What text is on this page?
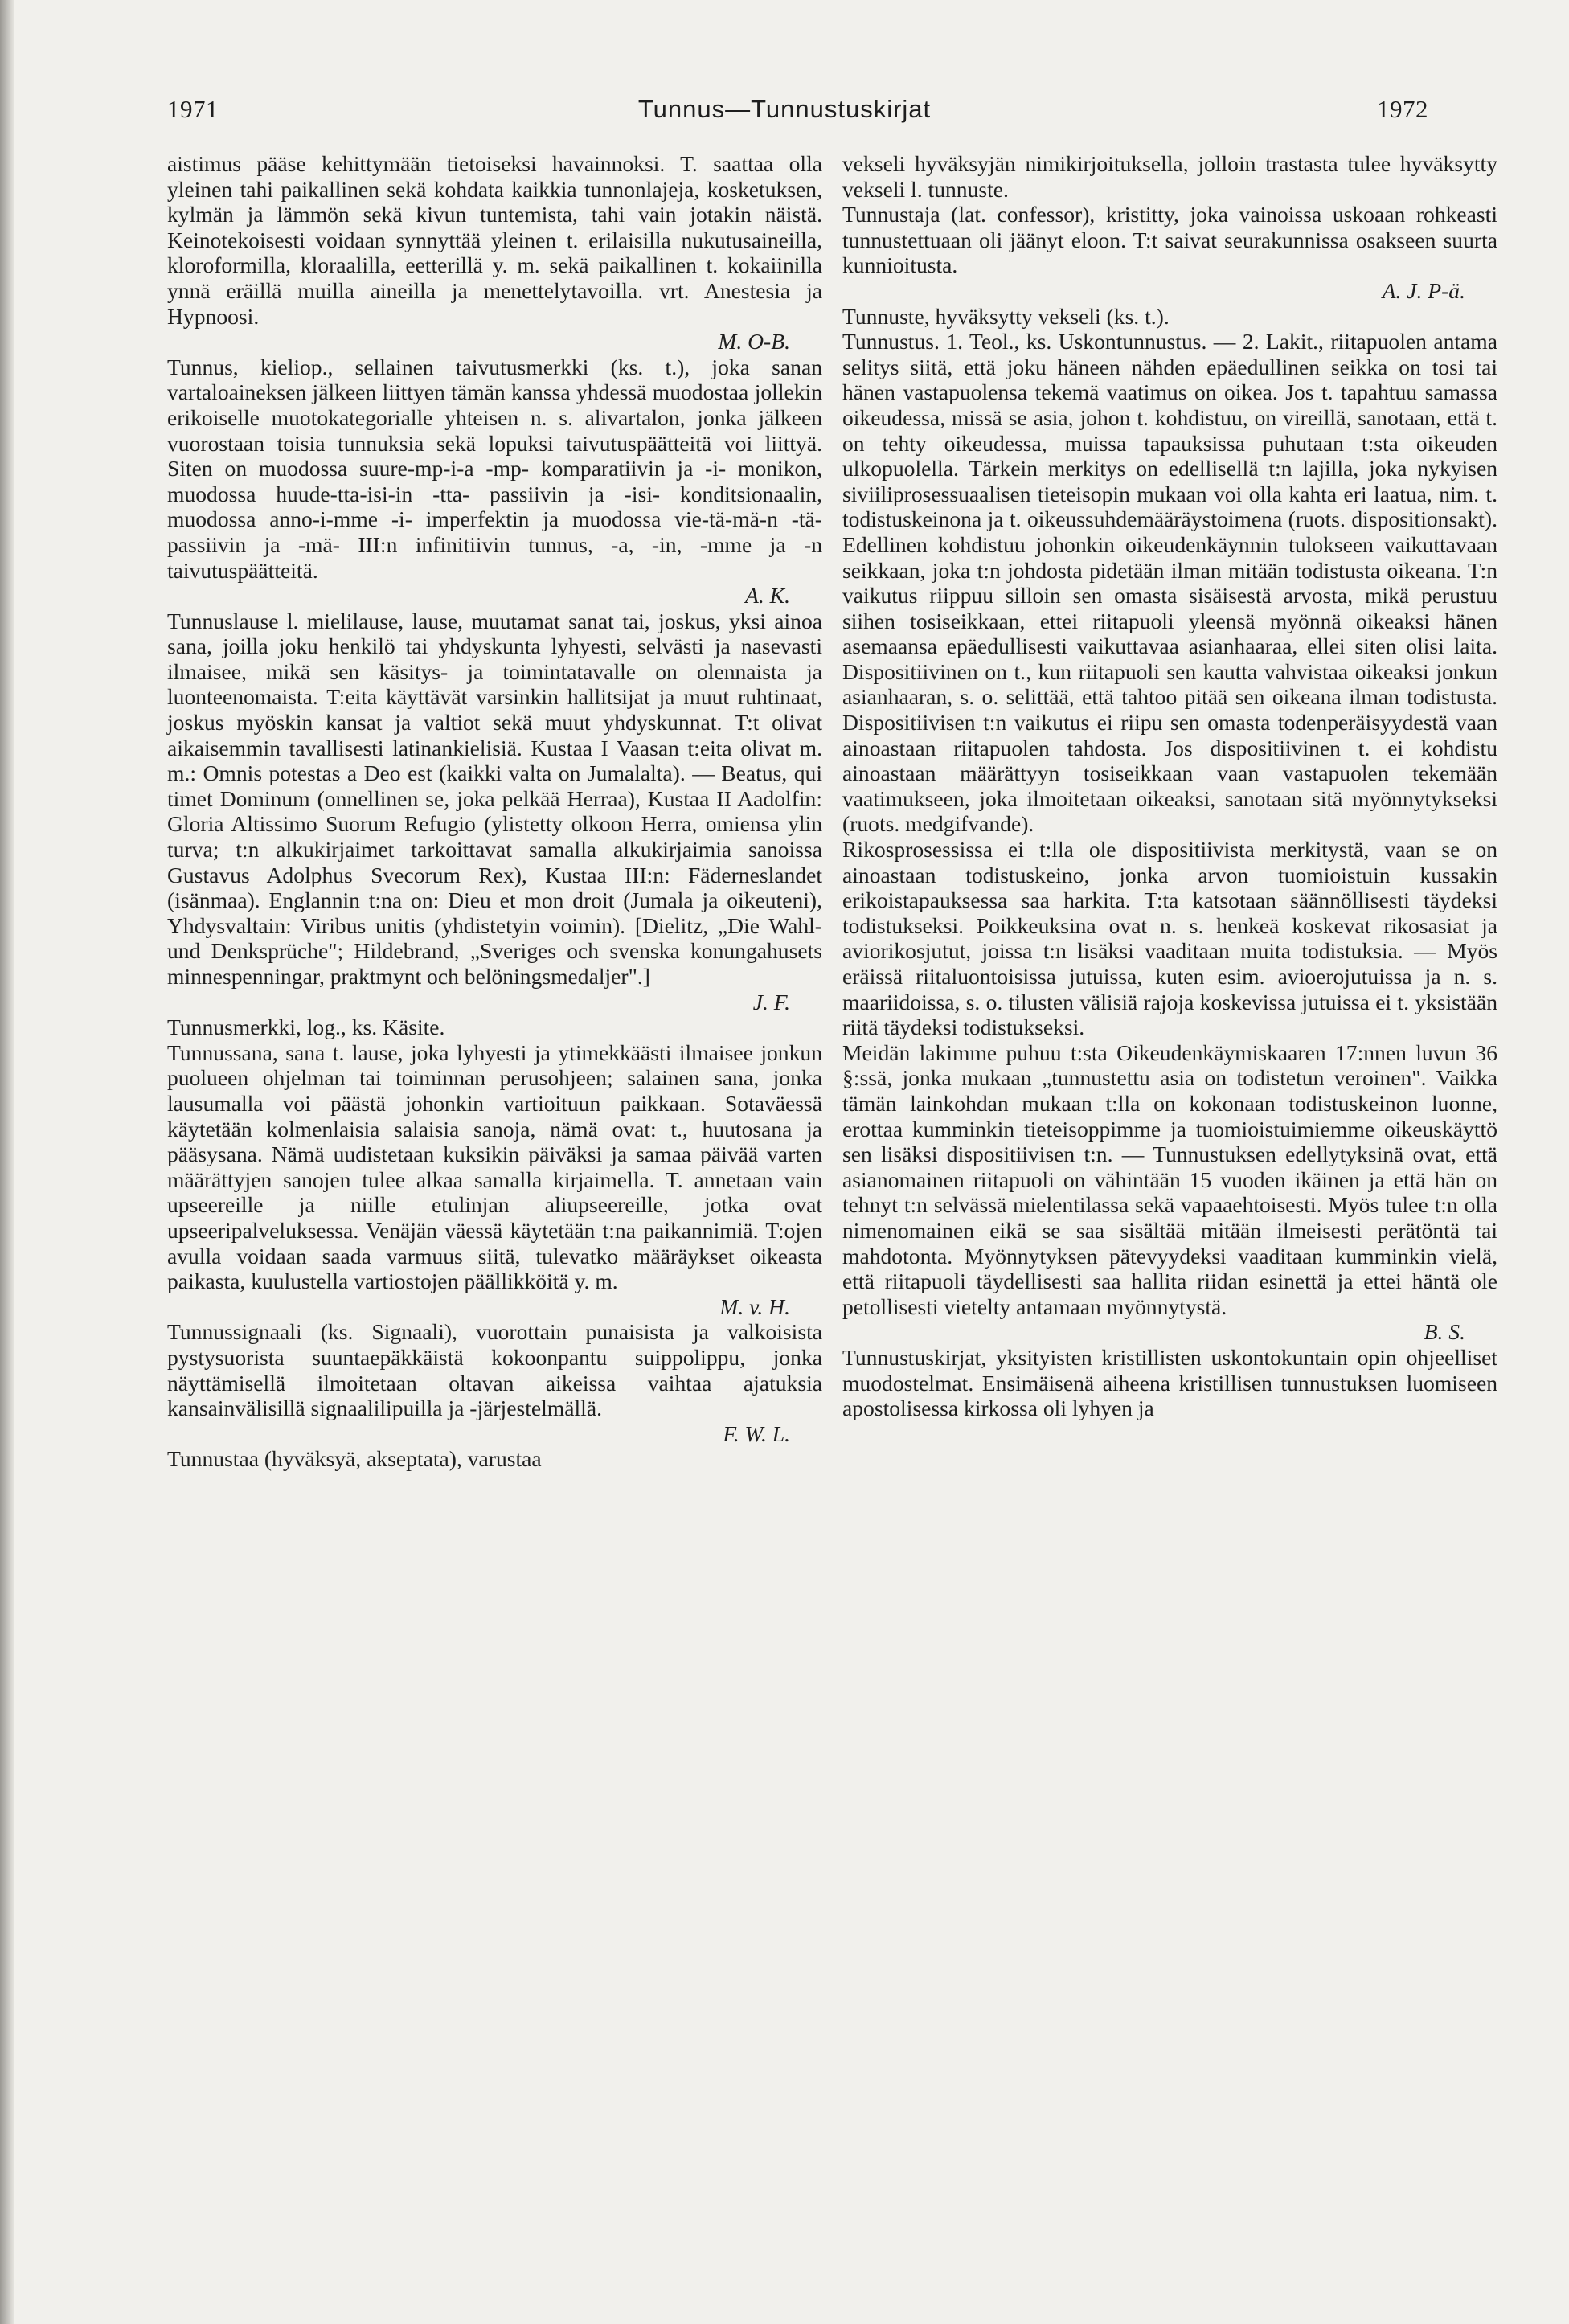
1971	Tunnus—Tunnustuskirjat	1972

aistimus pääse kehittymään tietoiseksi havainnoksi. T. saattaa olla yleinen tahi paikallinen sekä kohdata kaikkia tunnonlajeja, kosketuksen, kylmän ja lämmön sekä kivun tuntemista, tahi vain jotakin näistä. Keinotekoisesti voidaan synnyttää yleinen t. erilaisilla nukutusaineilla, kloroformilla, kloraalilla, eetterillä y. m. sekä paikallinen t. kokaiinilla ynnä eräillä muilla aineilla ja menettelytavoilla. vrt. Anestesia ja Hypnoosi.

M. O-B.

Tunnus, kieliop., sellainen taivutusmerkki (ks. t.), joka sanan vartaloaineksen jälkeen liittyen tämän kanssa yhdessä muodostaa jollekin erikoiselle muotokategorialle yhteisen n. s. alivartalon, jonka jälkeen vuorostaan toisia tunnuksia sekä lopuksi taivutuspäätteitä voi liittyä. Siten on muodossa suure-mp-i-a -mp- komparatiivin ja -i- monikon, muodossa huude-tta-isi-in -tta- passiivin ja -isi- konditsionaalin, muodossa anno-i-mme -i- imperfektin ja muodossa vie-tä-mä-n -tä- passiivin ja -mä- III:n infinitiivin tunnus, -a, -in, -mme ja -n taivutuspäätteitä.

A. K.

Tunnuslause l. mielilause, lause, muutamat sanat tai, joskus, yksi ainoa sana, joilla joku henkilö tai yhdyskunta lyhyesti, selvästi ja nasevasti ilmaisee, mikä sen käsitys- ja toimintatavalle on olennaista ja luonteenomaista. T:eita käyttävät varsinkin hallitsijat ja muut ruhtinaat, joskus myöskin kansat ja valtiot sekä muut yhdyskunnat. T:t olivat aikaisemmin tavallisesti latinankielisiä. Kustaa I Vaasan t:eita olivat m. m.: Omnis potestas a Deo est (kaikki valta on Jumalalta). — Beatus, qui timet Dominum (onnellinen se, joka pelkää Herraa), Kustaa II Aadolfin: Gloria Altissimo Suorum Refugio (ylistetty olkoon Herra, omiensa ylin turva; t:n alkukirjaimet tarkoittavat samalla alkukirjaimia sanoissa Gustavus Adolphus Svecorum Rex), Kustaa III:n: Fäderneslandet (isänmaa). Englannin t:na on: Dieu et mon droit (Jumala ja oikeuteni), Yhdysvaltain: Viribus unitis (yhdistetyin voimin). [Dielitz, „Die Wahl- und Denksprüche"; Hildebrand, „Sveriges och svenska konungahusets minnespenningar, praktmynt och belöningsmedaljer".]

J. F.

Tunnusmerkki, log., ks. Käsite.

Tunnussana, sana t. lause, joka lyhyesti ja ytimekkäästi ilmaisee jonkun puolueen ohjelman tai toiminnan perusohjeen; salainen sana, jonka lausumalla voi päästä johonkin vartioituun paikkaan. Sotaväessä käytetään kolmenlaisia salaisia sanoja, nämä ovat: t., huutosana ja pääsysana. Nämä uudistetaan kuksikin päiväksi ja samaa päivää varten määrättyjen sanojen tulee alkaa samalla kirjaimella. T. annetaan vain upseereille ja niille etulinjan aliupseereille, jotka ovat upseeripalveluksessa. Venäjän väessä käytetään t:na paikannimiä. T:ojen avulla voidaan saada varmuus siitä, tulevatko määräykset oikeasta paikasta, kuulustella vartiostojen päällikköitä y. m.

M. v. H.

Tunnussignaali (ks. Signaali), vuorottain punaisista ja valkoisista pystysuorista suuntaepäkkäistä kokoonpantu suippolippu, jonka näyttämisellä ilmoitetaan oltavan aikeissa vaihtaa ajatuksia kansainvälisillä signaalilipuilla ja -järjestelmällä.

F. W. L.

Tunnustaa (hyväksyä, akseptata), varustaa

vekseli hyväksyjän nimikirjoituksella, jolloin trastasta tulee hyväksytty vekseli l. tunnuste.

Tunnustaja (lat. confessor), kristitty, joka vainoissa uskoaan rohkeasti tunnustettuaan oli jäänyt eloon. T:t saivat seurakunnissa osakseen suurta kunnioitusta.

A. J. P-ä.

Tunnuste, hyväksytty vekseli (ks. t.).

Tunnustus. 1. Teol., ks. Uskontunnustus. — 2. Lakit., riitapuolen antama selitys siitä, että joku häneen nähden epäedullinen seikka on tosi tai hänen vastapuolensa tekemä vaatimus on oikea. Jos t. tapahtuu samassa oikeudessa, missä se asia, johon t. kohdistuu, on vireillä, sanotaan, että t. on tehty oikeudessa, muissa tapauksissa puhutaan t:sta oikeuden ulkopuolella. Tärkein merkitys on edellisellä t:n lajilla, joka nykyisen siviiliprosessuaalisen tieteisopin mukaan voi olla kahta eri laatua, nim. t. todistuskeinona ja t. oikeussuhdemääräystoimena (ruots. dispositionsakt). Edellinen kohdistuu johonkin oikeudenkäynnin tulokseen vaikuttavaan seikkaan, joka t:n johdosta pidetään ilman mitään todistusta oikeana. T:n vaikutus riippuu silloin sen omasta sisäisestä arvosta, mikä perustuu siihen tosiseikkaan, ettei riitapuoli yleensä myönnä oikeaksi hänen asemaansa epäedullisesti vaikuttavaa asianhaaraa, ellei siten olisi laita. Dispositiivinen on t., kun riitapuoli sen kautta vahvistaa oikeaksi jonkun asianhaaran, s. o. selittää, että tahtoo pitää sen oikeana ilman todistusta. Dispositiivisen t:n vaikutus ei riipu sen omasta todenperäisyydestä vaan ainoastaan riitapuolen tahdosta. Jos dispositiivinen t. ei kohdistu ainoastaan määrättyyn tosiseikkaan vaan vastapuolen tekemään vaatimukseen, joka ilmoitetaan oikeaksi, sanotaan sitä myönnytykseksi (ruots. medgifvande).

Rikosprosessissa ei t:lla ole dispositiivista merkitystä, vaan se on ainoastaan todistuskeino, jonka arvon tuomioistuin kussakin erikoistapauksessa saa harkita. T:ta katsotaan säännöllisesti täydeksi todistukseksi. Poikkeuksina ovat n. s. henkeä koskevat rikosasiat ja aviorikosjutut, joissa t:n lisäksi vaaditaan muita todistuksia. — Myös eräissä riitaluontoisissa jutuissa, kuten esim. avioerojutuissa ja n. s. maariidoissa, s. o. tilusten välisiä rajoja koskevissa jutuissa ei t. yksistään riitä täydeksi todistukseksi.

Meidän lakimme puhuu t:sta Oikeudenkäymiskaaren 17:nnen luvun 36 §:ssä, jonka mukaan „tunnustettu asia on todistetun veroinen". Vaikka tämän lainkohdan mukaan t:lla on kokonaan todistuskeinon luonne, erottaa kumminkin tieteisoppimme ja tuomioistuimiemme oikeuskäyttö sen lisäksi dispositiivisen t:n. — Tunnustuksen edellytyksinä ovat, että asianomainen riitapuoli on vähintään 15 vuoden ikäinen ja että hän on tehnyt t:n selvässä mielentilassa sekä vapaaehtoisesti. Myös tulee t:n olla nimenomainen eikä se saa sisältää mitään ilmeisesti perätöntä tai mahdotonta. Myönnytyksen pätevyydeksi vaaditaan kumminkin vielä, että riitapuoli täydellisesti saa hallita riidan esinettä ja ettei häntä ole petollisesti vietelty antamaan myönnytystä.

B. S.

Tunnustuskirjat, yksityisten kristillisten uskontokuntain opin ohjeelliset muodostelmat. Ensimäisenä aiheena kristillisen tunnustuksen luomiseen apostolisessa kirkossa oli lyhyen ja
